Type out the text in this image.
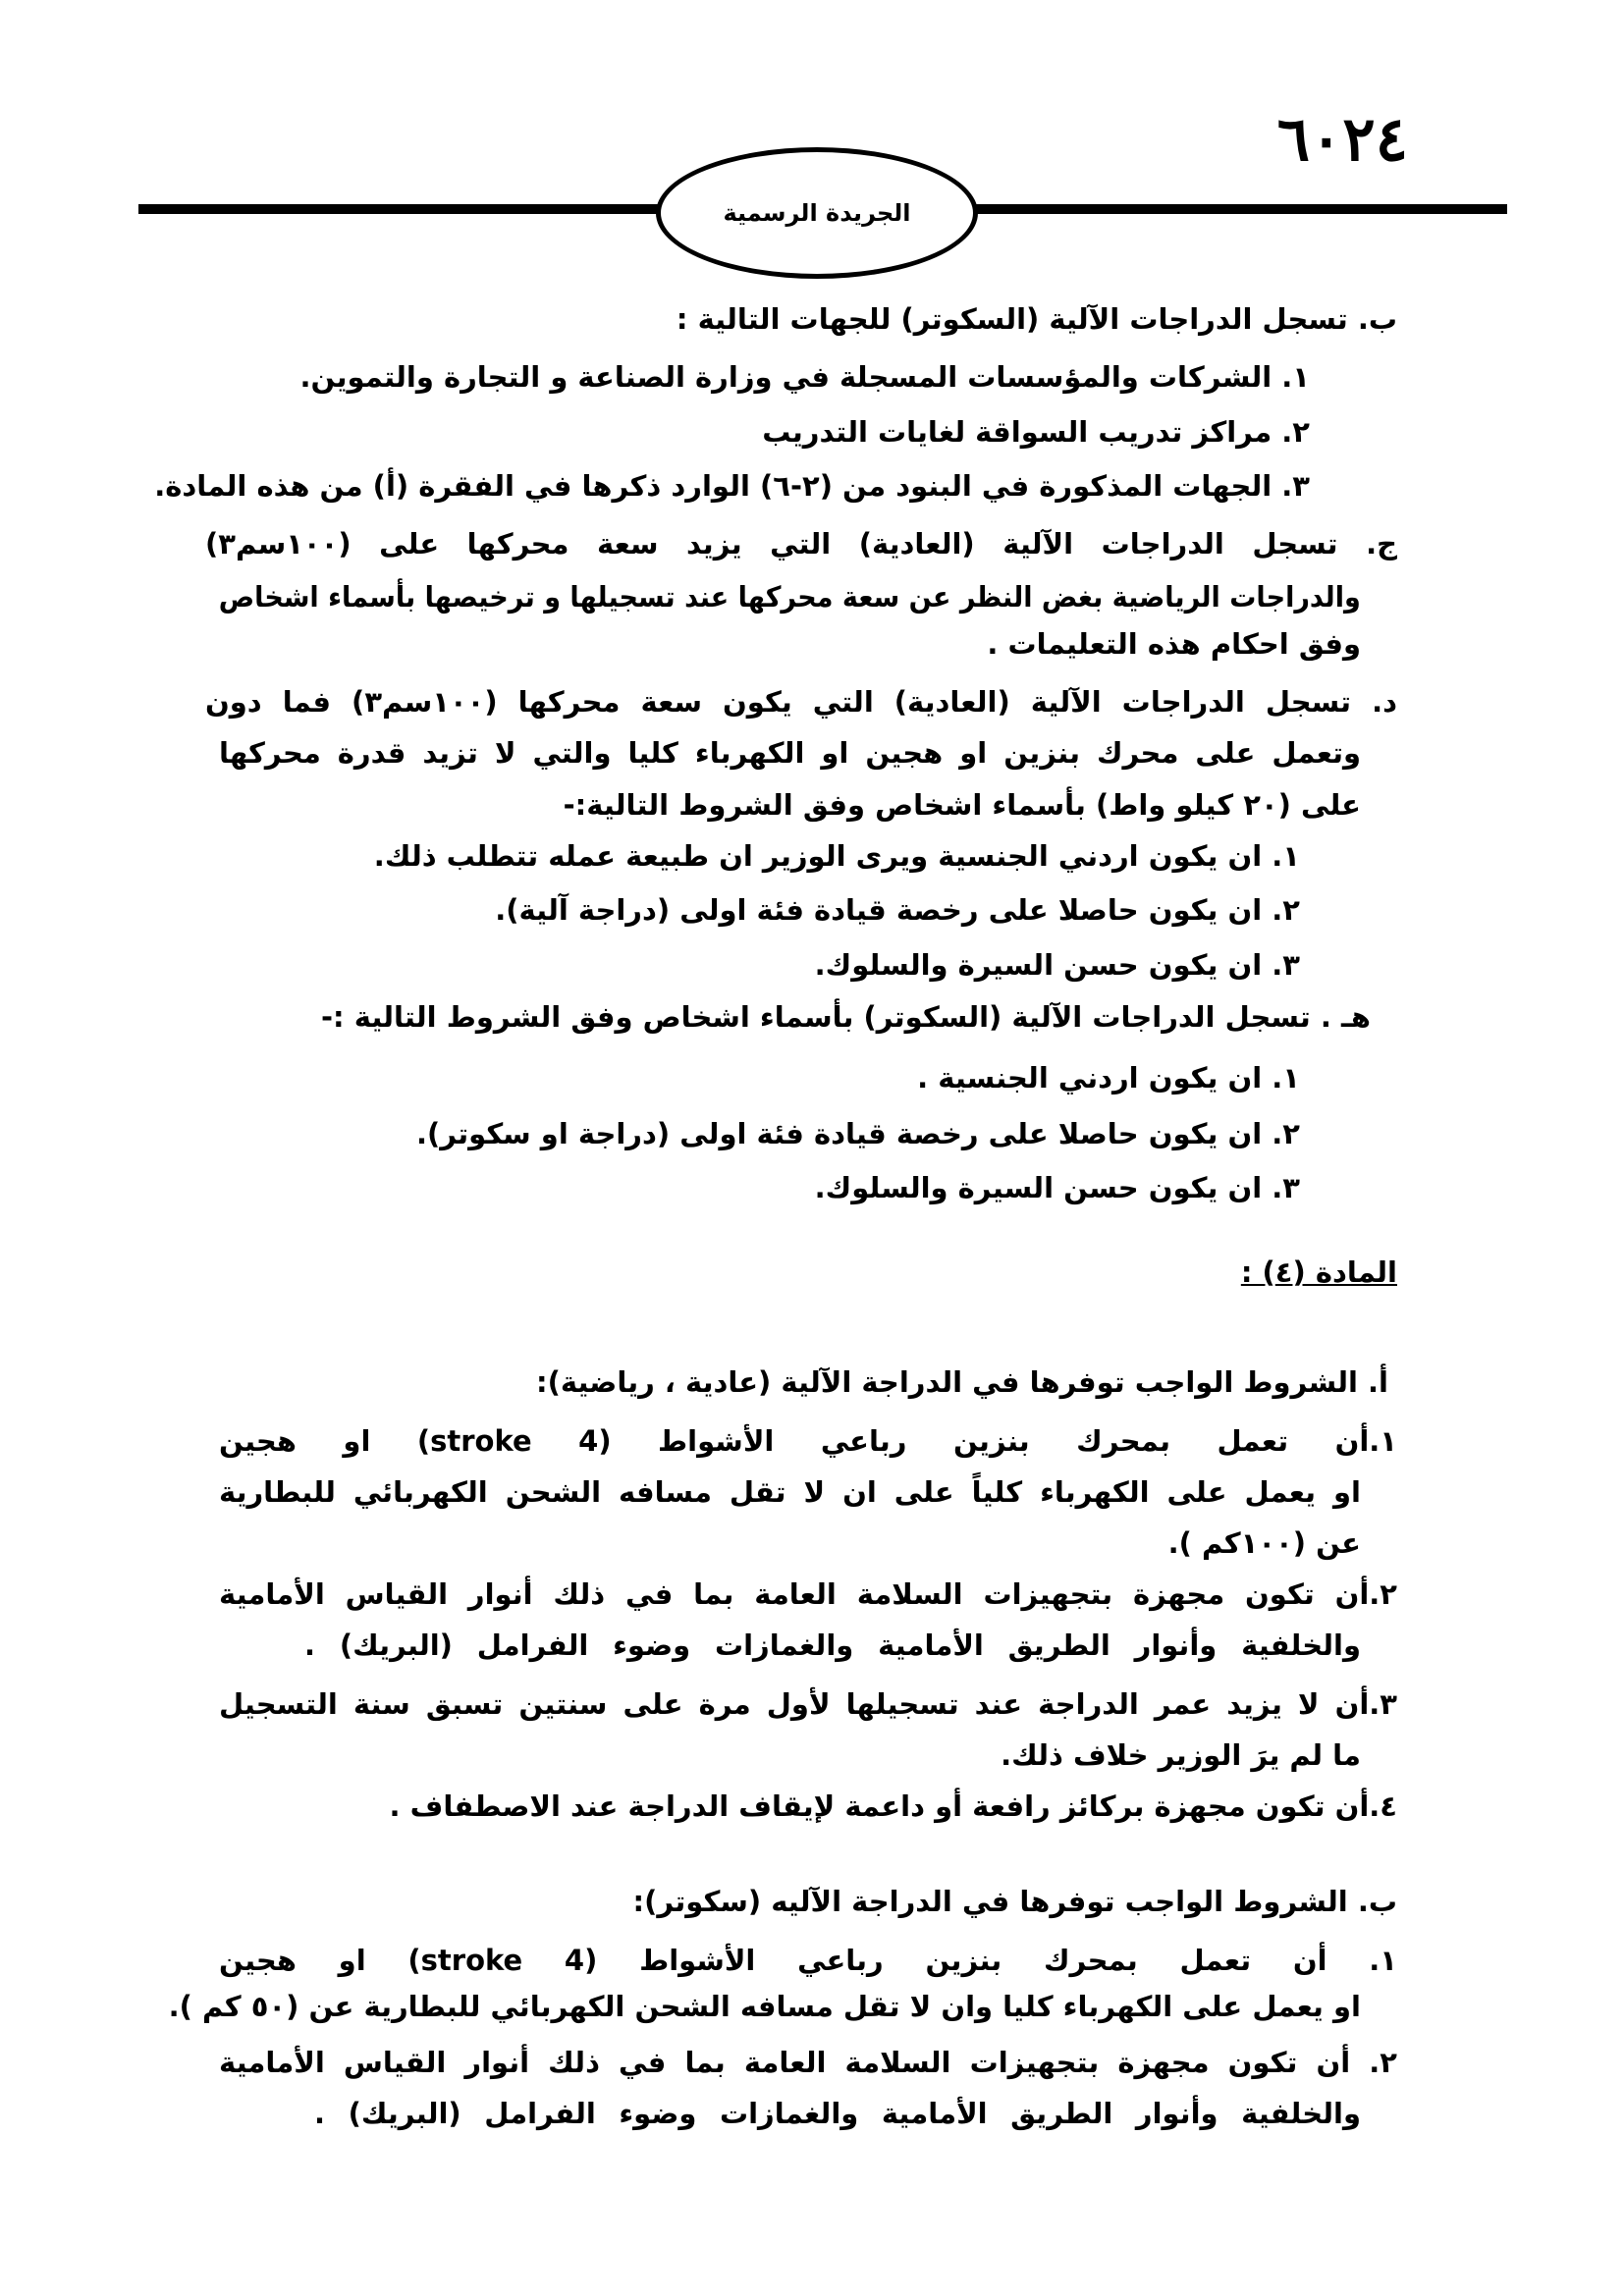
٦٠٢٤
الجريدة الرسمية
ب. تسجل الدراجات الآلية (السكوتر) للجهات التالية :
١. الشركات والمؤسسات المسجلة في وزارة الصناعة و التجارة والتموين.
٢. مراكز تدريب السواقة لغايات التدريب
٣. الجهات المذكورة في البنود من (٢-٦) الوارد ذكرها في الفقرة (أ) من هذه المادة.
ج. تسجل الدراجات الآلية (العادية) التي يزيد سعة محركها على (١٠٠سم٣)
والدراجات الرياضية بغض النظر عن سعة محركها عند تسجيلها و ترخيصها بأسماء اشخاص
وفق احكام هذه التعليمات .
د. تسجل الدراجات الآلية (العادية) التي يكون سعة محركها (١٠٠سم٣) فما دون
وتعمل على محرك بنزين او هجين او الكهرباء كليا والتي لا تزيد قدرة محركها
على (٢٠ كيلو واط) بأسماء اشخاص وفق الشروط التالية:-
١. ان يكون اردني الجنسية ويرى الوزير ان طبيعة عمله تتطلب ذلك.
٢. ان يكون حاصلا على رخصة قيادة فئة اولى (دراجة آلية).
٣. ان يكون حسن السيرة والسلوك.
هـ . تسجل الدراجات الآلية (السكوتر) بأسماء اشخاص وفق الشروط التالية :-
١. ان يكون اردني الجنسية .
٢. ان يكون حاصلا على رخصة قيادة فئة اولى (دراجة او سكوتر).
٣. ان يكون حسن السيرة والسلوك.
المادة (٤) :
أ. الشروط الواجب توفرها في الدراجة الآلية (عادية ، رياضية):
١.أن تعمل بمحرك بنزين رباعي الأشواط (4 stroke) او هجين
او يعمل على الكهرباء كلياً على ان لا تقل مسافه الشحن الكهربائي للبطارية
عن (١٠٠كم ).
٢.أن تكون مجهزة بتجهيزات السلامة العامة بما في ذلك أنوار القياس الأمامية
والخلفية وأنوار الطريق الأمامية والغمازات وضوء الفرامل (البريك) .
٣.أن لا يزيد عمر الدراجة عند تسجيلها لأول مرة على سنتين تسبق سنة التسجيل
ما لم يرَ الوزير خلاف ذلك.
٤.أن تكون مجهزة بركائز رافعة أو داعمة لإيقاف الدراجة عند الاصطفاف .
ب. الشروط الواجب توفرها في الدراجة الآليه (سكوتر):
١. أن تعمل بمحرك بنزين رباعي الأشواط (4 stroke) او هجين
او يعمل على الكهرباء كليا وان لا تقل مسافه الشحن الكهربائي للبطارية عن (٥٠ كم ).
٢. أن تكون مجهزة بتجهيزات السلامة العامة بما في ذلك أنوار القياس الأمامية
والخلفية وأنوار الطريق الأمامية والغمازات وضوء الفرامل (البريك) .
